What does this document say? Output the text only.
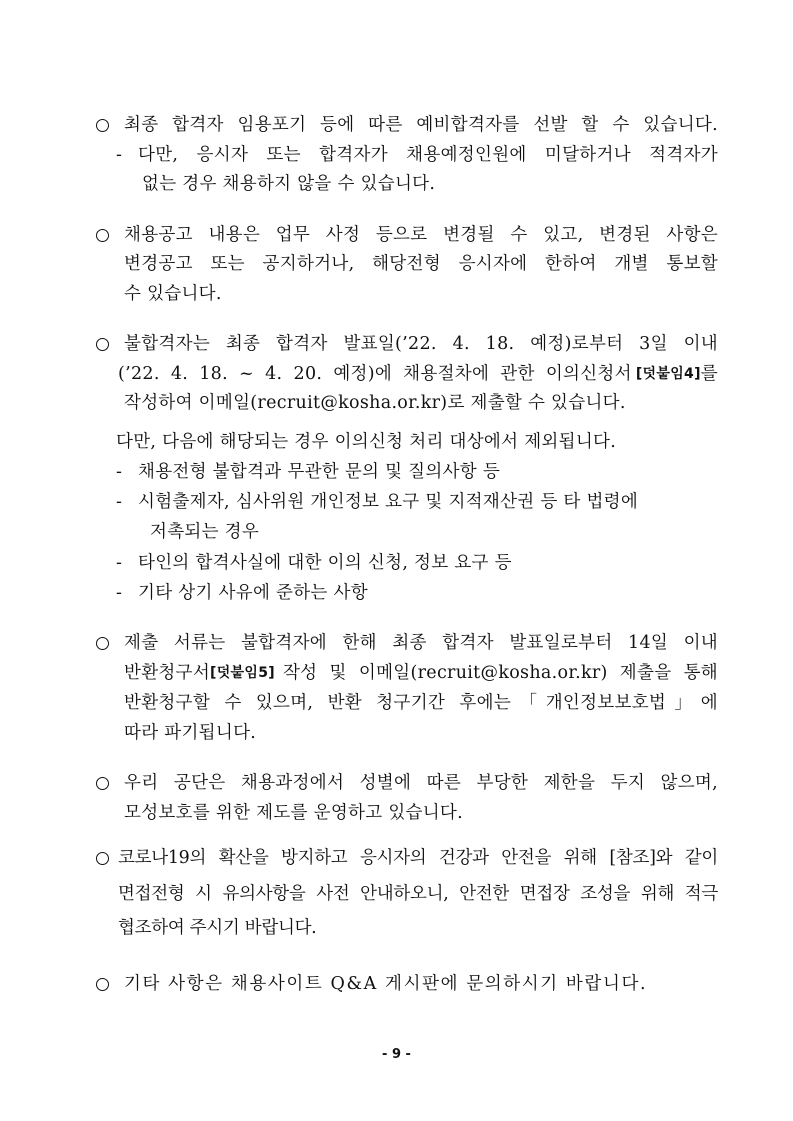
최종 합격자 임용포기 등에 따른 예비합격자를 선발 할 수 있습니다.
- 다만, 응시자 또는 합격자가 채용예정인원에 미달하거나 적격자가
없는 경우 채용하지 않을 수 있습니다.
채용공고 내용은 업무 사정 등으로 변경될 수 있고, 변경된 사항은
변경공고 또는 공지하거나, 해당전형 응시자에 한하여 개별 통보할
수 있습니다.
불합격자는 최종 합격자 발표일(’22. 4. 18. 예정)로부터 3일 이내
(’22. 4. 18. ~ 4. 20. 예정)에 채용절차에 관한 이의신청서 [덧붙임4] 를
작성하여 이메일(recruit@kosha.or.kr)로 제출할 수 있습니다.
다만, 다음에 해당되는 경우 이의신청 처리 대상에서 제외됩니다.
- 채용전형 불합격과 무관한 문의 및 질의사항 등
- 시험출제자, 심사위원 개인정보 요구 및 지적재산권 등 타 법령에
저촉되는 경우
- 타인의 합격사실에 대한 이의 신청, 정보 요구 등
- 기타 상기 사유에 준하는 사항
제출 서류는 불합격자에 한해 최종 합격자 발표일로부터 14일 이내
반환청구서 [덧붙임5] 작성 및 이메일(recruit@kosha.or.kr) 제출을 통해
반환청구할 수 있으며, 반환 청구기간 후에는「개인정보보호법」에
따라 파기됩니다.
우리 공단은 채용과정에서 성별에 따른 부당한 제한을 두지 않으며,
모성보호를 위한 제도를 운영하고 있습니다.
코로나19의 확산을 방지하고 응시자의 건강과 안전을 위해 [참조]와 같이
면접전형 시 유의사항을 사전 안내하오니, 안전한 면접장 조성을 위해 적극
협조하여 주시기 바랍니다.
기타 사항은 채용사이트 Q&A 게시판에 문의하시기 바랍니다.
- 9 -
